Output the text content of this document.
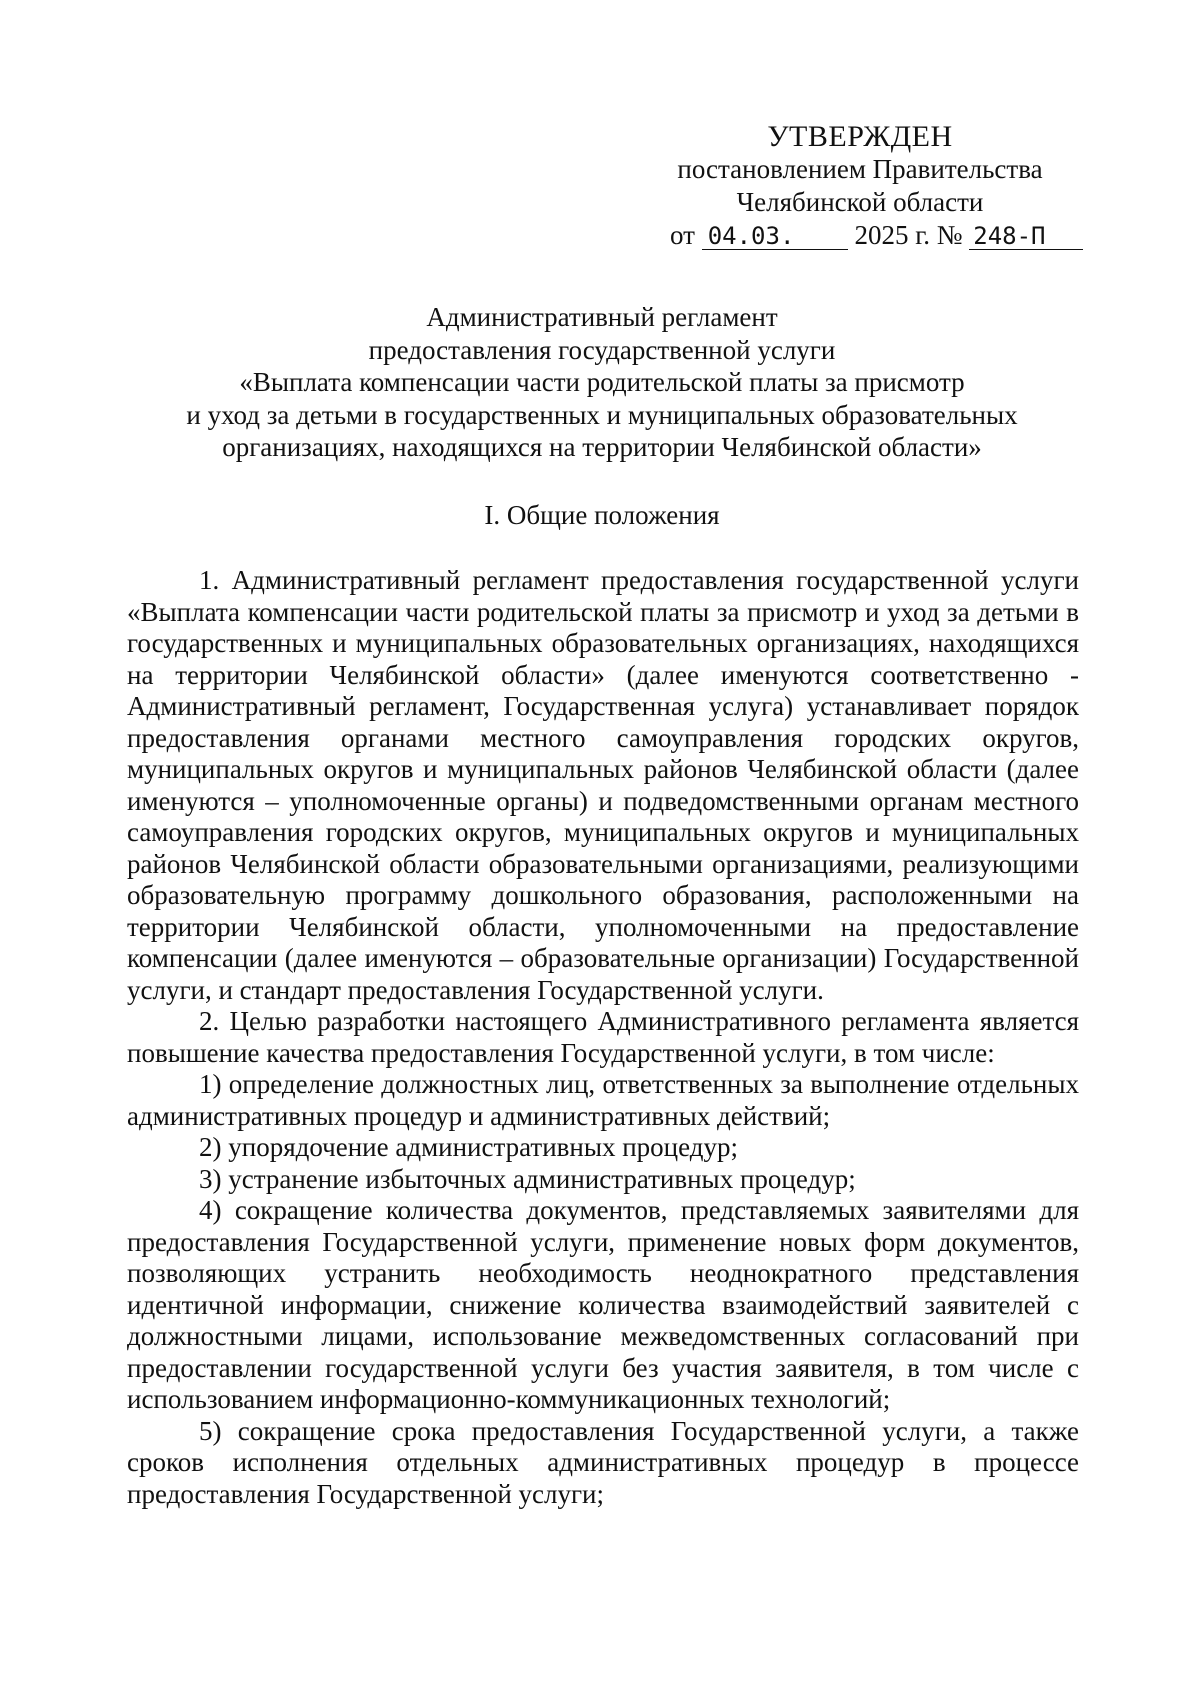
УТВЕРЖДЕН
постановлением Правительства
Челябинской области
от 04.03. 2025 г. № 248-П
Административный регламент
предоставления государственной услуги
«Выплата компенсации части родительской платы за присмотр
и уход за детьми в государственных и муниципальных образовательных
организациях, находящихся на территории Челябинской области»
I. Общие положения

1. Административный регламент предоставления государственной услуги «Выплата компенсации части родительской платы за присмотр и уход за детьми в государственных и муниципальных образовательных организациях, находящихся на территории Челябинской области» (далее именуются соответственно - Административный регламент, Государственная услуга) устанавливает порядок предоставления органами местного самоуправления городских округов, муниципальных округов и муниципальных районов Челябинской области (далее именуются – уполномоченные органы) и подведомственными органам местного самоуправления городских округов, муниципальных округов и муниципальных районов Челябинской области образовательными организациями, реализующими образовательную программу дошкольного образования, расположенными на территории Челябинской области, уполномоченными на предоставление компенсации (далее именуются – образовательные организации) Государственной услуги, и стандарт предоставления Государственной услуги.

2. Целью разработки настоящего Административного регламента является повышение качества предоставления Государственной услуги, в том числе:

1) определение должностных лиц, ответственных за выполнение отдельных административных процедур и административных действий;

2) упорядочение административных процедур;

3) устранение избыточных административных процедур;

4) сокращение количества документов, представляемых заявителями для предоставления Государственной услуги, применение новых форм документов, позволяющих устранить необходимость неоднократного представления идентичной информации, снижение количества взаимодействий заявителей с должностными лицами, использование межведомственных согласований при предоставлении государственной услуги без участия заявителя, в том числе с использованием информационно-коммуникационных технологий;

5) сокращение срока предоставления Государственной услуги, а также сроков исполнения отдельных административных процедур в процессе предоставления Государственной услуги;
